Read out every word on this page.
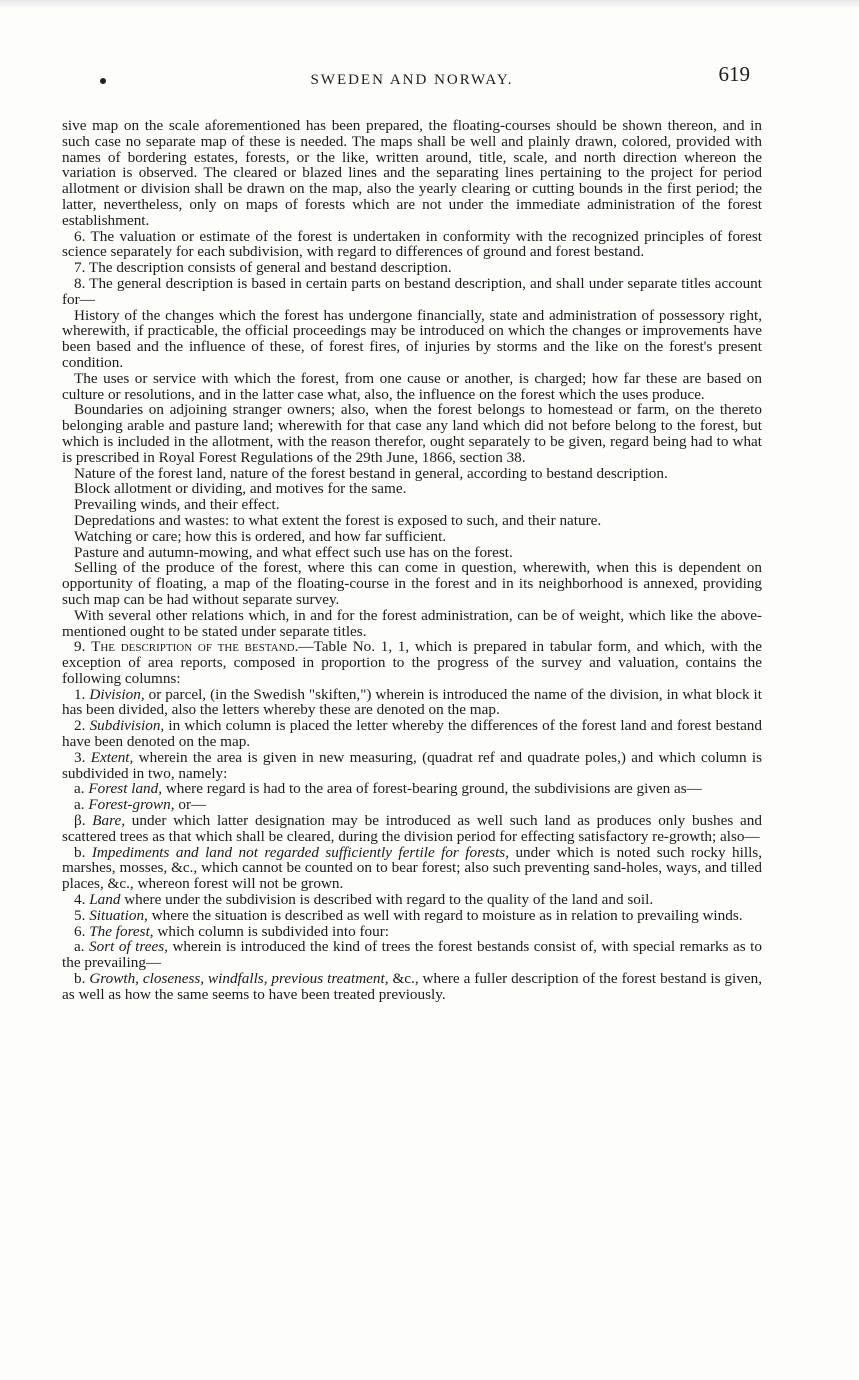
SWEDEN AND NORWAY.	619

sive map on the scale aforementioned has been prepared, the floating-courses should be shown thereon, and in such case no separate map of these is needed. The maps shall be well and plainly drawn, colored, provided with names of bordering estates, forests, or the like, written around, title, scale, and north direction whereon the variation is observed. The cleared or blazed lines and the separating lines pertaining to the project for period allotment or division shall be drawn on the map, also the yearly clearing or cutting bounds in the first period; the latter, nevertheless, only on maps of forests which are not under the immediate administration of the forest establishment.

6. The valuation or estimate of the forest is undertaken in conformity with the recognized principles of forest science separately for each subdivision, with regard to differences of ground and forest bestand.

7. The description consists of general and bestand description.

8. The general description is based in certain parts on bestand description, and shall under separate titles account for—

History of the changes which the forest has undergone financially, state and administration of possessory right, wherewith, if practicable, the official proceedings may be introduced on which the changes or improvements have been based and the influence of these, of forest fires, of injuries by storms and the like on the forest's present condition.

The uses or service with which the forest, from one cause or another, is charged; how far these are based on culture or resolutions, and in the latter case what, also, the influence on the forest which the uses produce.

Boundaries on adjoining stranger owners; also, when the forest belongs to homestead or farm, on the thereto belonging arable and pasture land; wherewith for that case any land which did not before belong to the forest, but which is included in the allotment, with the reason therefor, ought separately to be given, regard being had to what is prescribed in Royal Forest Regulations of the 29th June, 1866, section 38.

Nature of the forest land, nature of the forest bestand in general, according to bestand description.

Block allotment or dividing, and motives for the same.

Prevailing winds, and their effect.

Depredations and wastes: to what extent the forest is exposed to such, and their nature.

Watching or care; how this is ordered, and how far sufficient.

Pasture and autumn-mowing, and what effect such use has on the forest.

Selling of the produce of the forest, where this can come in question, wherewith, when this is dependent on opportunity of floating, a map of the floating-course in the forest and in its neighborhood is annexed, providing such map can be had without separate survey.

With several other relations which, in and for the forest administration, can be of weight, which like the above-mentioned ought to be stated under separate titles.

9. The description of the bestand.—Table No. 1, 1, which is prepared in tabular form, and which, with the exception of area reports, composed in proportion to the progress of the survey and valuation, contains the following columns:

1. Division, or parcel, (in the Swedish "skiften,") wherein is introduced the name of the division, in what block it has been divided, also the letters whereby these are denoted on the map.

2. Subdivision, in which column is placed the letter whereby the differences of the forest land and forest bestand have been denoted on the map.

3. Extent, wherein the area is given in new measuring, (quadrat ref and quadrate poles,) and which column is subdivided in two, namely:

a. Forest land, where regard is had to the area of forest-bearing ground, the subdivisions are given as—

a. Forest-grown, or—

β. Bare, under which latter designation may be introduced as well such land as produces only bushes and scattered trees as that which shall be cleared, during the division period for effecting satisfactory re-growth; also—

b. Impediments and land not regarded sufficiently fertile for forests, under which is noted such rocky hills, marshes, mosses, &c., which cannot be counted on to bear forest; also such preventing sand-holes, ways, and tilled places, &c., whereon forest will not be grown.

4. Land where under the subdivision is described with regard to the quality of the land and soil.

5. Situation, where the situation is described as well with regard to moisture as in relation to prevailing winds.

6. The forest, which column is subdivided into four:

a. Sort of trees, wherein is introduced the kind of trees the forest bestands consist of, with special remarks as to the prevailing—

b. Growth, closeness, windfalls, previous treatment, &c., where a fuller description of the forest bestand is given, as well as how the same seems to have been treated previously.
